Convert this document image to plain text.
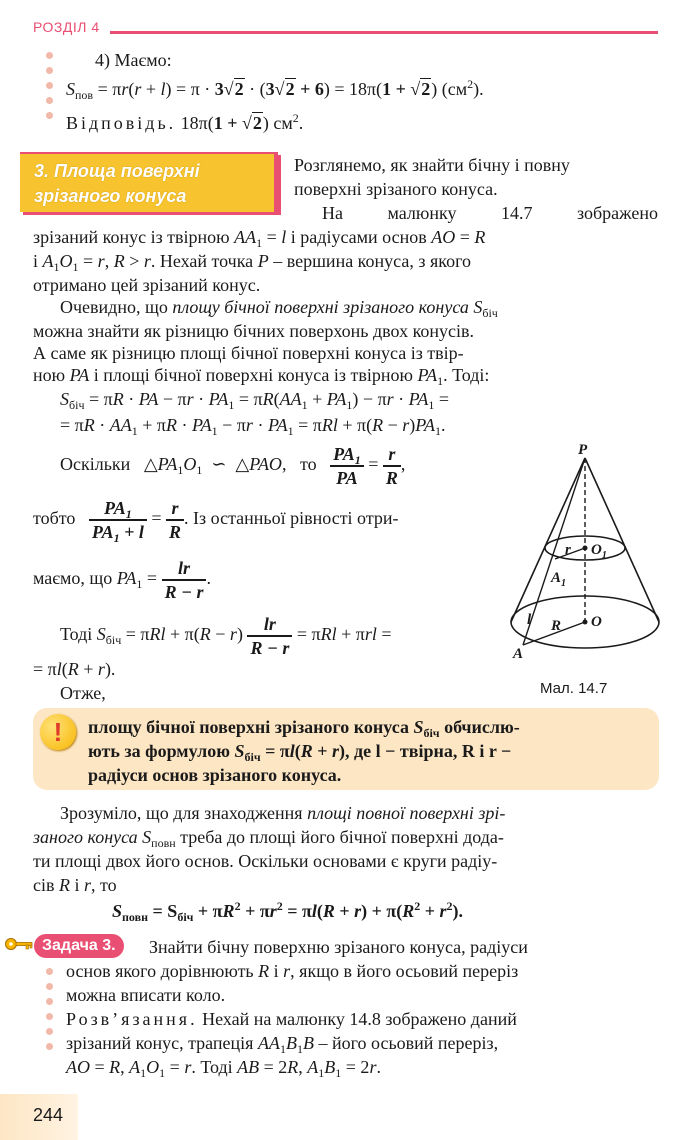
РОЗДІЛ 4
4) Маємо:
$S_{пов} = \pi r(r + l) = \pi \cdot 3√2 \cdot (3√2 + 6) = 18\pi(1 + √2)$ $(см^2)$.
Відповідь. 18π(1 + √2) $см^2$.
3. Площа поверхні
зрізаного конуса
Розглянемо, як знайти бічну і повну
поверхні зрізаного конуса.
На малюнку 14.7 зображено
зрізаний конус із твірною $AA_1 = l$ і радіусами основ AO = R
і $A_1O_1 = r$, R > r. Нехай точка P – вершина конуса, з якого
отримано цей зрізаний конус.
Очевидно, що площу бічної поверхні зрізаного конуса $S_{біч}$
можна знайти як різницю бічних поверхонь двох конусів.
А саме як різницю площі бічної поверхні конуса із твір-
ною PA і площі бічної поверхні конуса із твірною $PA_1$. Тоді:
$S_{біч} = \pi R$ · PA − $\pi r \cdot PA_1 = \pi R(AA_1 + PA_1) - \pi r \cdot PA_1$ =
= $\pi R \cdot AA_1 + \pi R \cdot PA_1 - \pi r \cdot PA_1 = \pi Rl + \pi(R - r)PA_1$.
Оскільки   $\triangle PA_1O_1$  ∽  △PAO,   то $\frac{PA_1}{PA} = \frac{r}{R}$ ,
тобто $\frac{PA_1}{PA_1 + l} = \frac{r}{R}$ . Із останньої рівності отри-
маємо, що $PA_1 = \frac{lr}{R - r}$ .
Тоді $S_{біч} = \pi Rl + \pi(R - r) \frac{lr}{R - r} = \pi Rl + \pi rl$ =
= πl(R + r).
Отже,
P
r $O_1$
$A_1$
l R O
A
Мал. 14.7
!	площу бічної поверхні зрізаного конуса $S_{біч}$ обчислю-
ють за формулою $S_{біч} = \pi l(R + r)$, де l − твірна, R і r −
радіуси основ зрізаного конуса.
Зрозуміло, що для знаходження площі повної поверхні зрі-
заного конуса $S_{повн}$ треба до площі його бічної поверхні дода-
ти площі двох його основ. Оскільки основами є круги радіу-
сів R і r, то
$S_{повн} = S_{біч} + \pi R^2 + \pi r^2 = \pi l(R + r) + \pi(R^2 + r^2)$.
Задача 3.	Знайти бічну поверхню зрізаного конуса, радіуси
основ якого дорівнюють R і r, якщо в його осьовий переріз
можна вписати коло.
Розв’язання. Нехай на малюнку 14.8 зображено даний
зрізаний конус, трапеція $AA_1B_1B$ – його осьовий переріз,
AO = R, $A_1O_1 = r$. Тоді AB = 2R, $A_1B_1 = 2r$.
244
